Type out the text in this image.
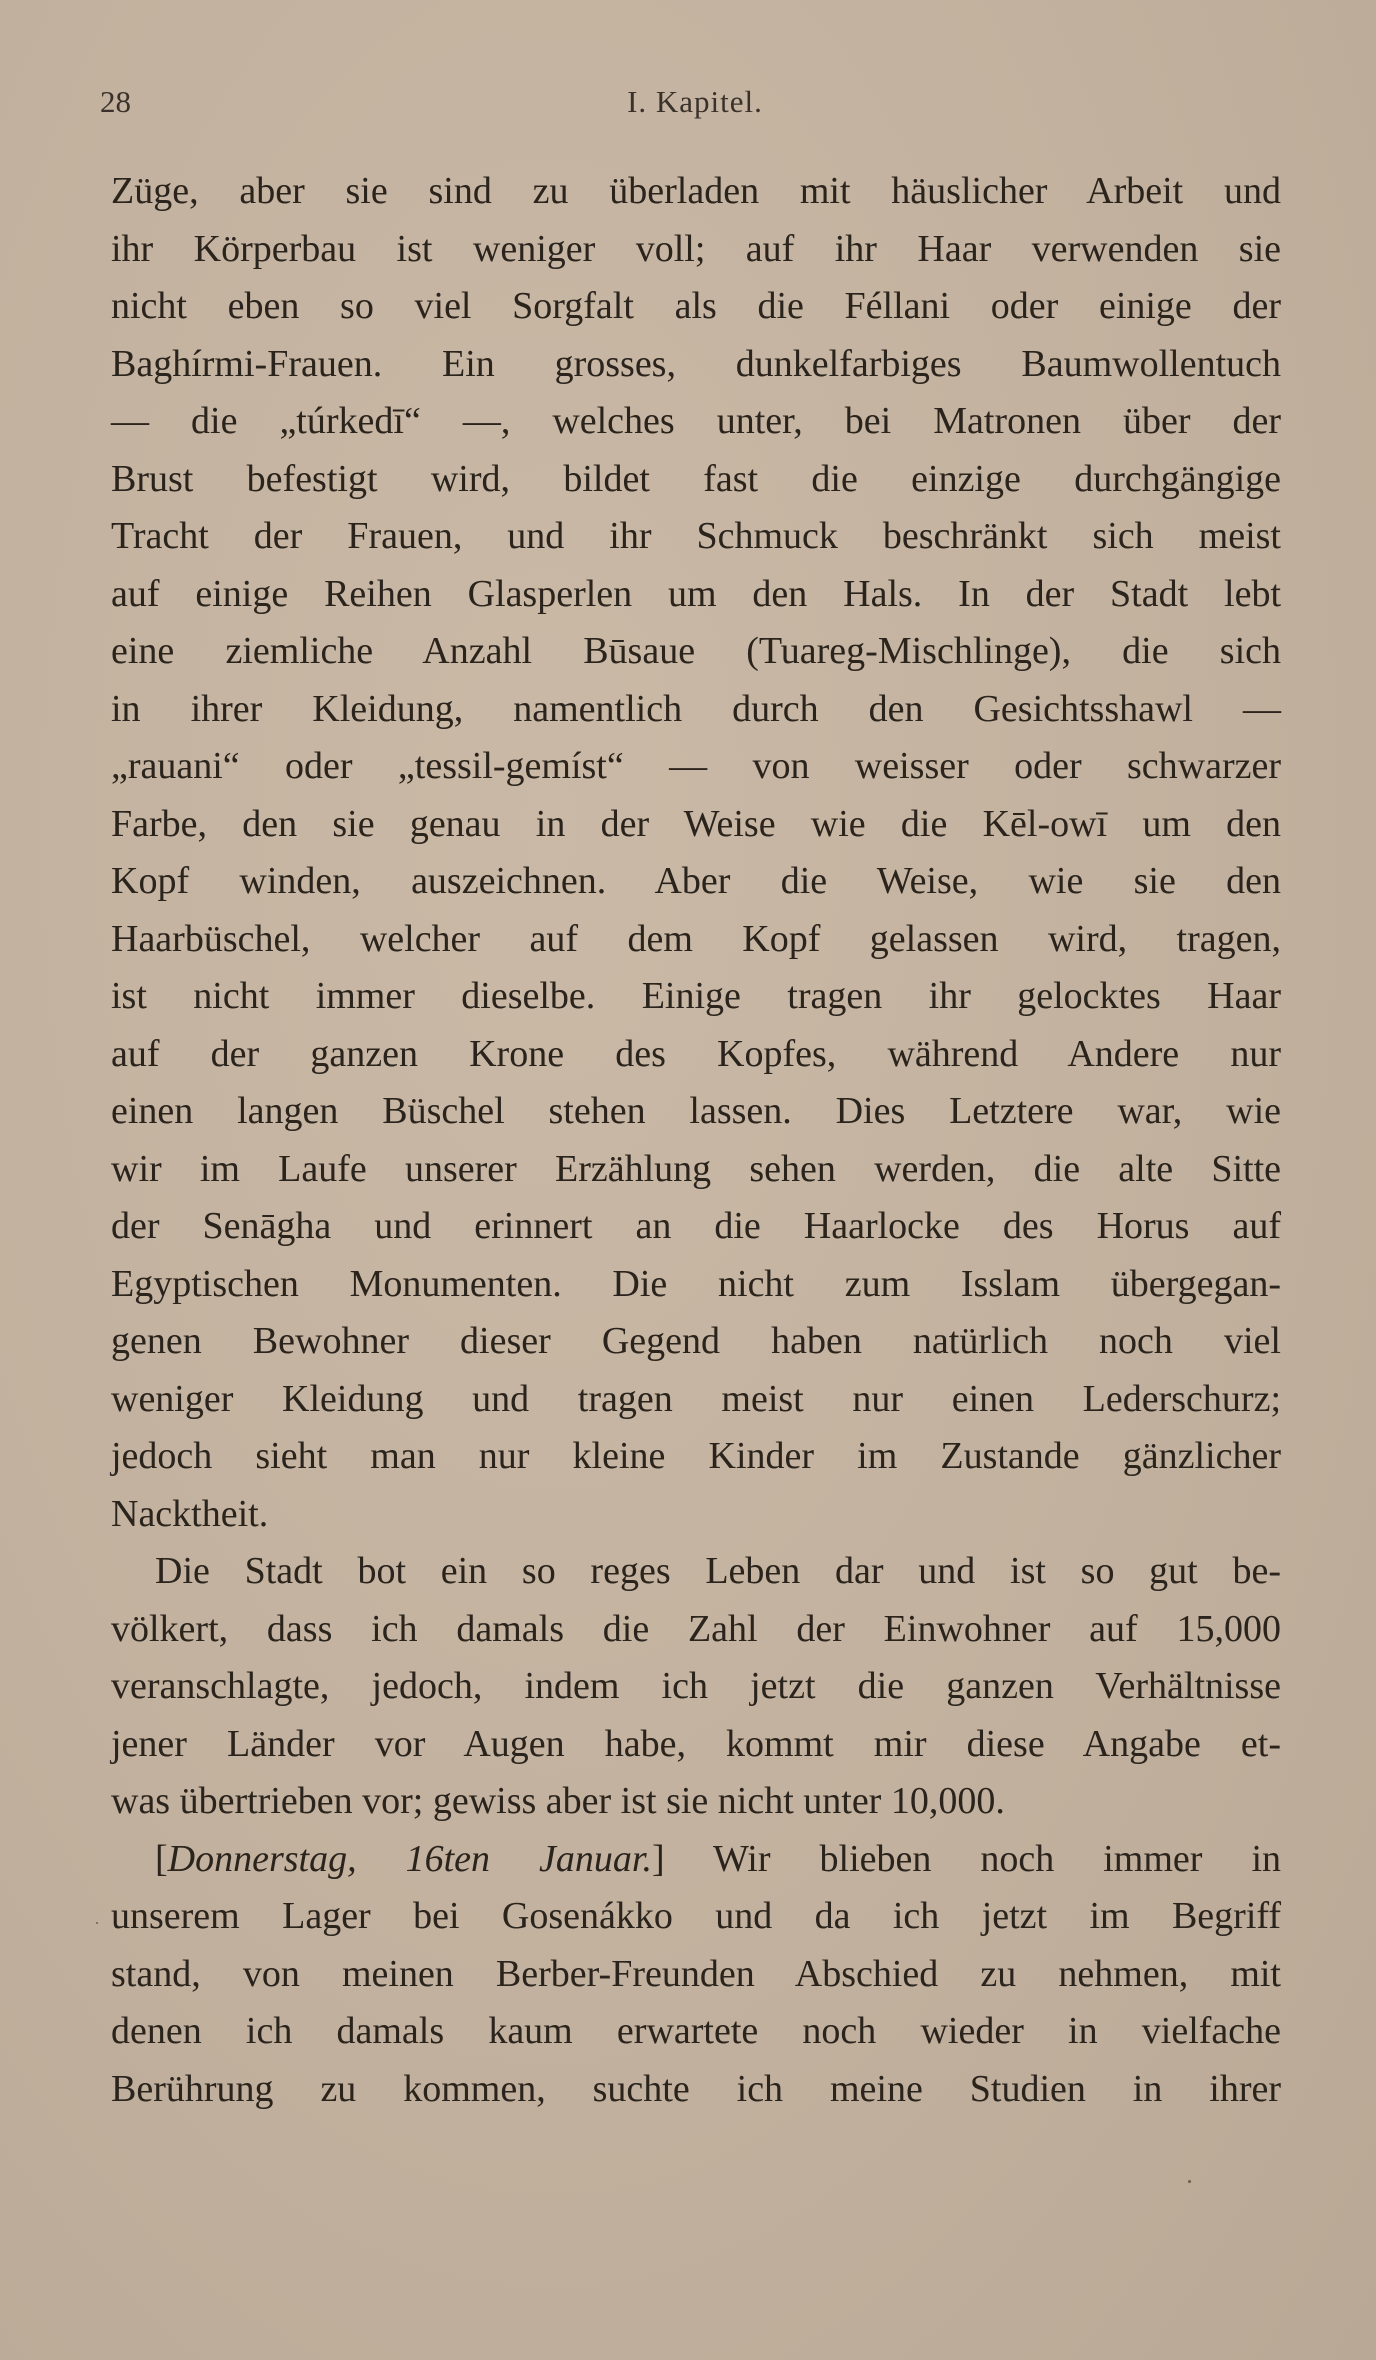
28	I. Kapitel.
Züge, aber sie sind zu überladen mit häuslicher Arbeit und
ihr Körperbau ist weniger voll; auf ihr Haar verwenden sie
nicht eben so viel Sorgfalt als die Féllani oder einige der
Baghírmi-Frauen. Ein grosses, dunkelfarbiges Baumwollentuch
— die „túrkedī“ —, welches unter, bei Matronen über der
Brust befestigt wird, bildet fast die einzige durchgängige
Tracht der Frauen, und ihr Schmuck beschränkt sich meist
auf einige Reihen Glasperlen um den Hals. In der Stadt lebt
eine ziemliche Anzahl Būsaue (Tuareg-Mischlinge), die sich
in ihrer Kleidung, namentlich durch den Gesichtsshawl —
„rauani“ oder „tessil-gemíst“ — von weisser oder schwarzer
Farbe, den sie genau in der Weise wie die Kēl-owī um den
Kopf winden, auszeichnen. Aber die Weise, wie sie den
Haarbüschel, welcher auf dem Kopf gelassen wird, tragen,
ist nicht immer dieselbe. Einige tragen ihr gelocktes Haar
auf der ganzen Krone des Kopfes, während Andere nur
einen langen Büschel stehen lassen. Dies Letztere war, wie
wir im Laufe unserer Erzählung sehen werden, die alte Sitte
der Senāgha und erinnert an die Haarlocke des Horus auf
Egyptischen Monumenten. Die nicht zum Isslam übergegan-
genen Bewohner dieser Gegend haben natürlich noch viel
weniger Kleidung und tragen meist nur einen Lederschurz;
jedoch sieht man nur kleine Kinder im Zustande gänzlicher
Nacktheit.
Die Stadt bot ein so reges Leben dar und ist so gut be-
völkert, dass ich damals die Zahl der Einwohner auf 15,000
veranschlagte, jedoch, indem ich jetzt die ganzen Verhältnisse
jener Länder vor Augen habe, kommt mir diese Angabe et-
was übertrieben vor; gewiss aber ist sie nicht unter 10,000.
[Donnerstag, 16ten Januar.] Wir blieben noch immer in
unserem Lager bei Gosenákko und da ich jetzt im Begriff
stand, von meinen Berber-Freunden Abschied zu nehmen, mit
denen ich damals kaum erwartete noch wieder in vielfache
Berührung zu kommen, suchte ich meine Studien in ihrer
